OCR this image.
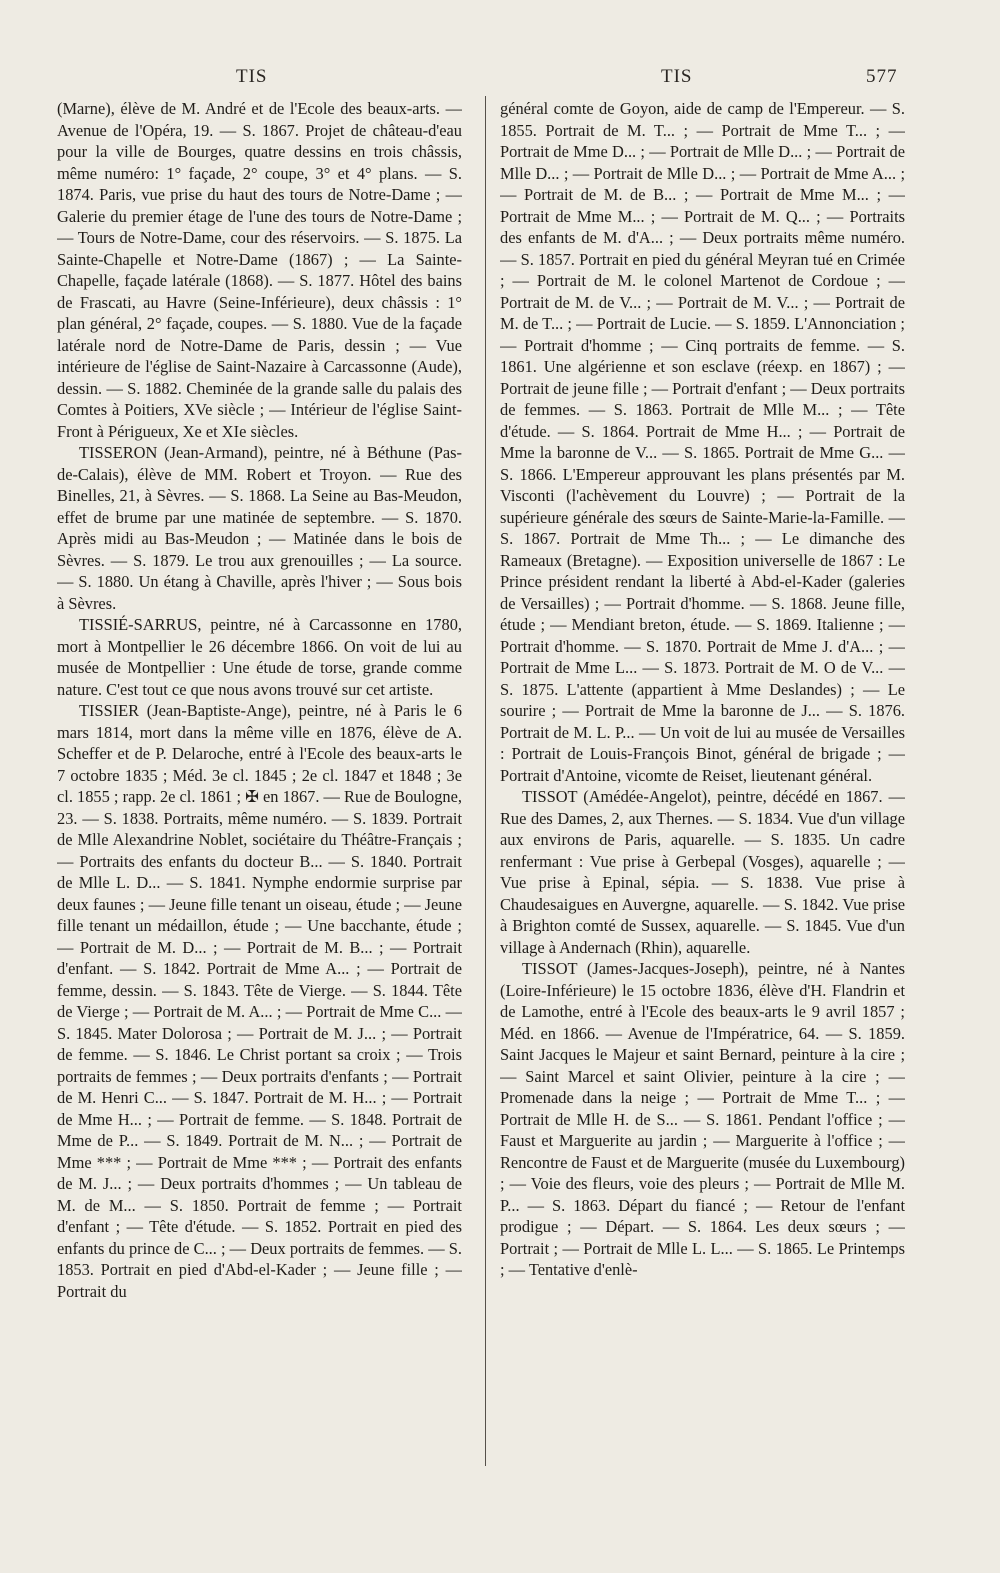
TIS	TIS	577

(Marne), élève de M. André et de l'Ecole des beaux-arts. — Avenue de l'Opéra, 19. — S. 1867. Projet de château-d'eau pour la ville de Bourges, quatre dessins en trois châssis, même numéro: 1° façade, 2° coupe, 3° et 4° plans. — S. 1874. Paris, vue prise du haut des tours de Notre-Dame ; — Galerie du premier étage de l'une des tours de Notre-Dame ; — Tours de Notre-Dame, cour des réservoirs. — S. 1875. La Sainte-Chapelle et Notre-Dame (1867) ; — La Sainte-Chapelle, façade latérale (1868). — S. 1877. Hôtel des bains de Frascati, au Havre (Seine-Inférieure), deux châssis : 1° plan général, 2° façade, coupes. — S. 1880. Vue de la façade latérale nord de Notre-Dame de Paris, dessin ; — Vue intérieure de l'église de Saint-Nazaire à Carcassonne (Aude), dessin. — S. 1882. Cheminée de la grande salle du palais des Comtes à Poitiers, XVe siècle ; — Intérieur de l'église Saint-Front à Périgueux, Xe et XIe siècles.

TISSERON (Jean-Armand), peintre, né à Béthune (Pas-de-Calais), élève de MM. Robert et Troyon. — Rue des Binelles, 21, à Sèvres. — S. 1868. La Seine au Bas-Meudon, effet de brume par une matinée de septembre. — S. 1870. Après midi au Bas-Meudon ; — Matinée dans le bois de Sèvres. — S. 1879. Le trou aux grenouilles ; — La source. — S. 1880. Un étang à Chaville, après l'hiver ; — Sous bois à Sèvres.

TISSIÉ-SARRUS, peintre, né à Carcassonne en 1780, mort à Montpellier le 26 décembre 1866. On voit de lui au musée de Montpellier : Une étude de torse, grande comme nature. C'est tout ce que nous avons trouvé sur cet artiste.

TISSIER (Jean-Baptiste-Ange), peintre, né à Paris le 6 mars 1814, mort dans la même ville en 1876, élève de A. Scheffer et de P. Delaroche, entré à l'Ecole des beaux-arts le 7 octobre 1835 ; Méd. 3e cl. 1845 ; 2e cl. 1847 et 1848 ; 3e cl. 1855 ; rapp. 2e cl. 1861 ; ✠ en 1867. — Rue de Boulogne, 23. — S. 1838. Portraits, même numéro. — S. 1839. Portrait de Mlle Alexandrine Noblet, sociétaire du Théâtre-Français ; — Portraits des enfants du docteur B... — S. 1840. Portrait de Mlle L. D... — S. 1841. Nymphe endormie surprise par deux faunes ; — Jeune fille tenant un oiseau, étude ; — Jeune fille tenant un médaillon, étude ; — Une bacchante, étude ; — Portrait de M. D... ; — Portrait de M. B... ; — Portrait d'enfant. — S. 1842. Portrait de Mme A... ; — Portrait de femme, dessin. — S. 1843. Tête de Vierge. — S. 1844. Tête de Vierge ; — Portrait de M. A... ; — Portrait de Mme C... — S. 1845. Mater Dolorosa ; — Portrait de M. J... ; — Portrait de femme. — S. 1846. Le Christ portant sa croix ; — Trois portraits de femmes ; — Deux portraits d'enfants ; — Portrait de M. Henri C... — S. 1847. Portrait de M. H... ; — Portrait de Mme H... ; — Portrait de femme. — S. 1848. Portrait de Mme de P... — S. 1849. Portrait de M. N... ; — Portrait de Mme *** ; — Portrait de Mme *** ; — Portrait des enfants de M. J... ; — Deux portraits d'hommes ; — Un tableau de M. de M... — S. 1850. Portrait de femme ; — Portrait d'enfant ; — Tête d'étude. — S. 1852. Portrait en pied des enfants du prince de C... ; — Deux portraits de femmes. — S. 1853. Portrait en pied d'Abd-el-Kader ; — Jeune fille ; — Portrait du

général comte de Goyon, aide de camp de l'Empereur. — S. 1855. Portrait de M. T... ; — Portrait de Mme T... ; — Portrait de Mme D... ; — Portrait de Mlle D... ; — Portrait de Mlle D... ; — Portrait de Mlle D... ; — Portrait de Mme A... ; — Portrait de M. de B... ; — Portrait de Mme M... ; — Portrait de Mme M... ; — Portrait de M. Q... ; — Portraits des enfants de M. d'A... ; — Deux portraits même numéro. — S. 1857. Portrait en pied du général Meyran tué en Crimée ; — Portrait de M. le colonel Martenot de Cordoue ; — Portrait de M. de V... ; — Portrait de M. V... ; — Portrait de M. de T... ; — Portrait de Lucie. — S. 1859. L'Annonciation ; — Portrait d'homme ; — Cinq portraits de femme. — S. 1861. Une algérienne et son esclave (réexp. en 1867) ; — Portrait de jeune fille ; — Portrait d'enfant ; — Deux portraits de femmes. — S. 1863. Portrait de Mlle M... ; — Tête d'étude. — S. 1864. Portrait de Mme H... ; — Portrait de Mme la baronne de V... — S. 1865. Portrait de Mme G... — S. 1866. L'Empereur approuvant les plans présentés par M. Visconti (l'achèvement du Louvre) ; — Portrait de la supérieure générale des sœurs de Sainte-Marie-la-Famille. — S. 1867. Portrait de Mme Th... ; — Le dimanche des Rameaux (Bretagne). — Exposition universelle de 1867 : Le Prince président rendant la liberté à Abd-el-Kader (galeries de Versailles) ; — Portrait d'homme. — S. 1868. Jeune fille, étude ; — Mendiant breton, étude. — S. 1869. Italienne ; — Portrait d'homme. — S. 1870. Portrait de Mme J. d'A... ; — Portrait de Mme L... — S. 1873. Portrait de M. O de V... — S. 1875. L'attente (appartient à Mme Deslandes) ; — Le sourire ; — Portrait de Mme la baronne de J... — S. 1876. Portrait de M. L. P... — Un voit de lui au musée de Versailles : Portrait de Louis-François Binot, général de brigade ; — Portrait d'Antoine, vicomte de Reiset, lieutenant général.

TISSOT (Amédée-Angelot), peintre, décédé en 1867. — Rue des Dames, 2, aux Thernes. — S. 1834. Vue d'un village aux environs de Paris, aquarelle. — S. 1835. Un cadre renfermant : Vue prise à Gerbepal (Vosges), aquarelle ; — Vue prise à Epinal, sépia. — S. 1838. Vue prise à Chaudesaigues en Auvergne, aquarelle. — S. 1842. Vue prise à Brighton comté de Sussex, aquarelle. — S. 1845. Vue d'un village à Andernach (Rhin), aquarelle.

TISSOT (James-Jacques-Joseph), peintre, né à Nantes (Loire-Inférieure) le 15 octobre 1836, élève d'H. Flandrin et de Lamothe, entré à l'Ecole des beaux-arts le 9 avril 1857 ; Méd. en 1866. — Avenue de l'Impératrice, 64. — S. 1859. Saint Jacques le Majeur et saint Bernard, peinture à la cire ; — Saint Marcel et saint Olivier, peinture à la cire ; — Promenade dans la neige ; — Portrait de Mme T... ; — Portrait de Mlle H. de S... — S. 1861. Pendant l'office ; — Faust et Marguerite au jardin ; — Marguerite à l'office ; — Rencontre de Faust et de Marguerite (musée du Luxembourg) ; — Voie des fleurs, voie des pleurs ; — Portrait de Mlle M. P... — S. 1863. Départ du fiancé ; — Retour de l'enfant prodigue ; — Départ. — S. 1864. Les deux sœurs ; — Portrait ; — Portrait de Mlle L. L... — S. 1865. Le Printemps ; — Tentative d'enlè-
